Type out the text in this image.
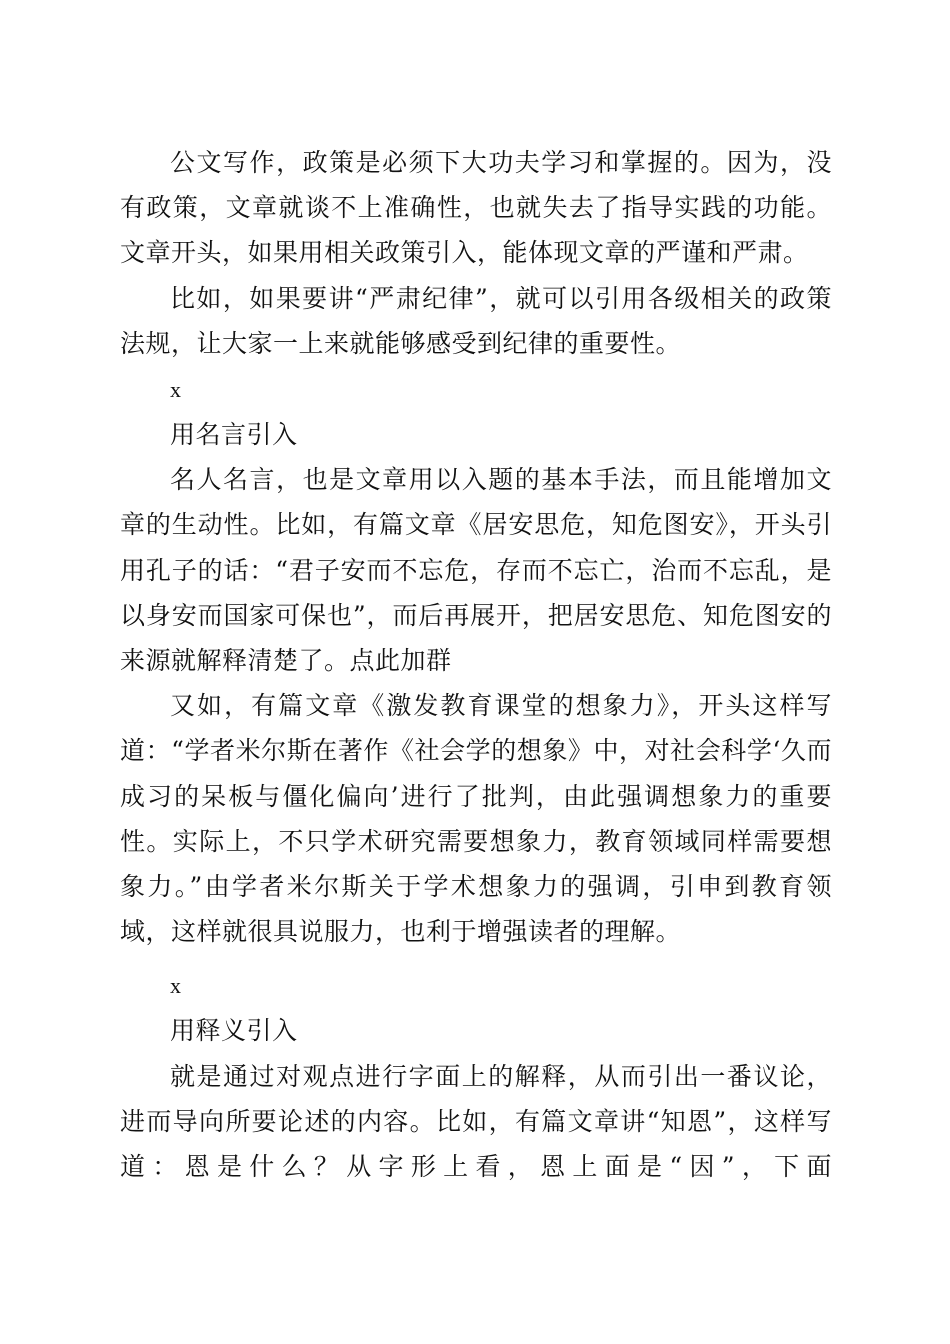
公文写作，政策是必须下大功夫学习和掌握的。因为，没有政策，文章就谈不上准确性，也就失去了指导实践的功能。文章开头，如果用相关政策引入，能体现文章的严谨和严肃。

比如，如果要讲“严肃纪律”，就可以引用各级相关的政策法规，让大家一上来就能够感受到纪律的重要性。

x

用名言引入

名人名言，也是文章用以入题的基本手法，而且能增加文章的生动性。比如，有篇文章《居安思危，知危图安》，开头引用孔子的话：“君子安而不忘危，存而不忘亡，治而不忘乱，是以身安而国家可保也”，而后再展开，把居安思危、知危图安的来源就解释清楚了。点此加群

又如，有篇文章《激发教育课堂的想象力》，开头这样写道：“学者米尔斯在著作《社会学的想象》中，对社会科学‘久而成习的呆板与僵化偏向’进行了批判，由此强调想象力的重要性。实际上，不只学术研究需要想象力，教育领域同样需要想象力。”由学者米尔斯关于学术想象力的强调，引申到教育领域，这样就很具说服力，也利于增强读者的理解。

x

用释义引入

就是通过对观点进行字面上的解释，从而引出一番议论，进而导向所要论述的内容。比如，有篇文章讲“知恩”，这样写道：恩是什么？从字形上看，恩上面是“因”，下面
